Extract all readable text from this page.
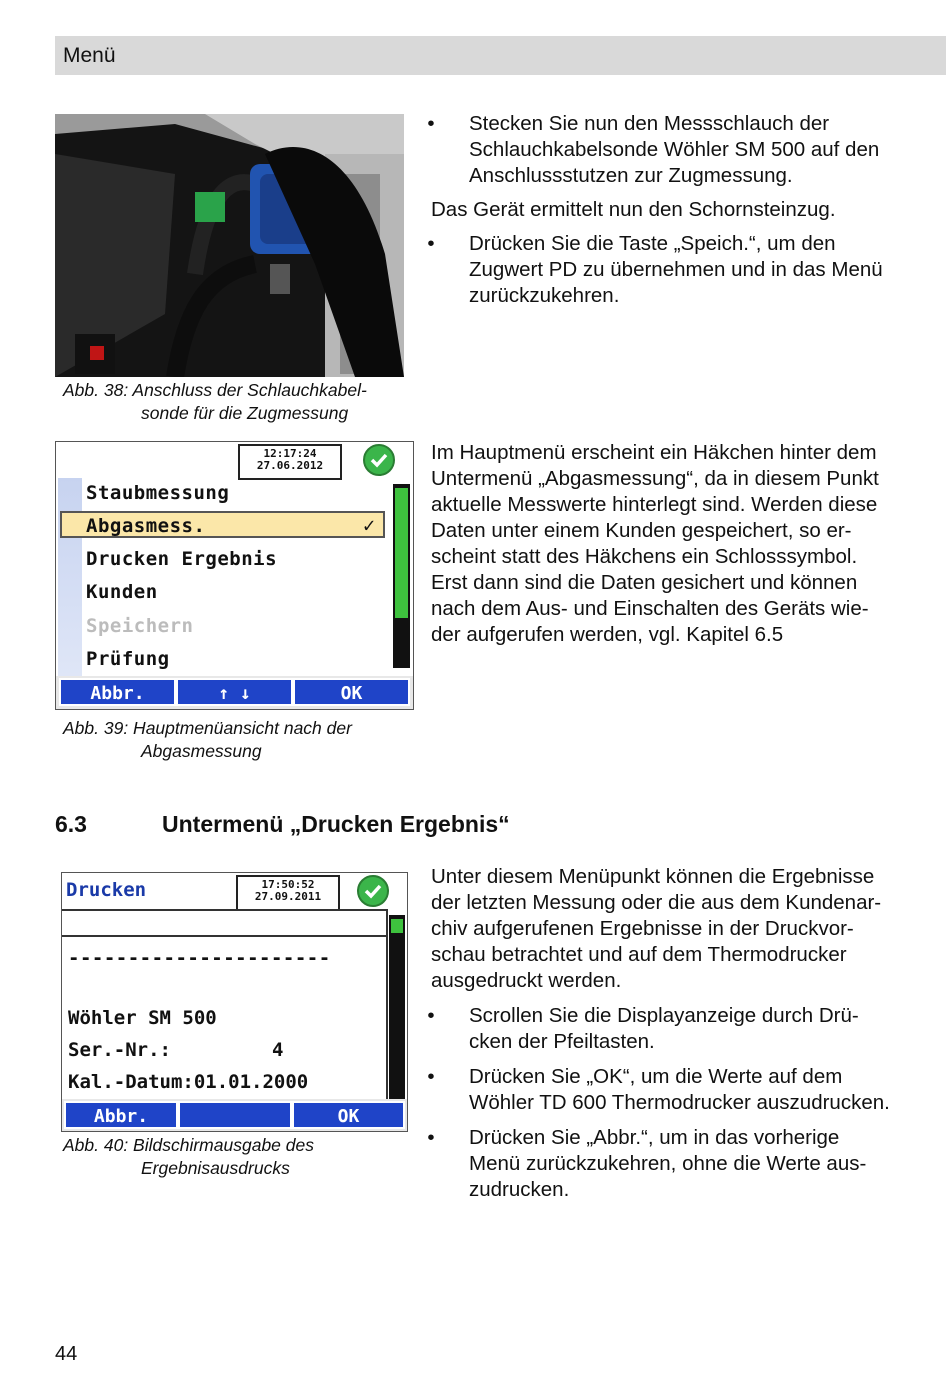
Menü
• Stecken Sie nun den Messschlauch der
Schlauchkabelsonde Wöhler SM 500 auf den
Anschlussstutzen zur Zugmessung.
Das Gerät ermittelt nun den Schornsteinzug.
• Drücken Sie die Taste „Speich.“, um den
Zugwert PD zu übernehmen und in das Menü
zurückzukehren.
Abb. 38: Anschluss der Schlauchkabel-
sonde für die Zugmessung
12:17:24
27.06.2012
Staubmessung
Abgasmess.	✓
Drucken Ergebnis
Kunden
Speichern
Prüfung
Abbr.	↑ ↓	OK
Abb. 39: Hauptmenüansicht nach der
Abgasmessung
Im Hauptmenü erscheint ein Häkchen hinter dem
Untermenü „Abgasmessung“, da in diesem Punkt
aktuelle Messwerte hinterlegt sind. Werden diese
Daten unter einem Kunden gespeichert, so er-
scheint statt des Häkchens ein Schlosssymbol.
Erst dann sind die Daten gesichert und können
nach dem Aus- und Einschalten des Geräts wie-
der aufgerufen werden, vgl. Kapitel 6.5
6.3	Untermenü „Drucken Ergebnis“
Drucken	17:50:52
27.09.2011
----------------------
Wöhler SM 500
Ser.-Nr.:	4
Kal.-Datum:01.01.2000
Abbr.	OK
Abb. 40: Bildschirmausgabe des
Ergebnisausdrucks
Unter diesem Menüpunkt können die Ergebnisse
der letzten Messung oder die aus dem Kundenar-
chiv aufgerufenen Ergebnisse in der Druckvor-
schau betrachtet und auf dem Thermodrucker
ausgedruckt werden.
• Scrollen Sie die Displayanzeige durch Drü-
cken der Pfeiltasten.
• Drücken Sie „OK“, um die Werte auf dem
Wöhler TD 600 Thermodrucker auszudrucken.
• Drücken Sie „Abbr.“, um in das vorherige
Menü zurückzukehren, ohne die Werte aus-
zudrucken.
44
